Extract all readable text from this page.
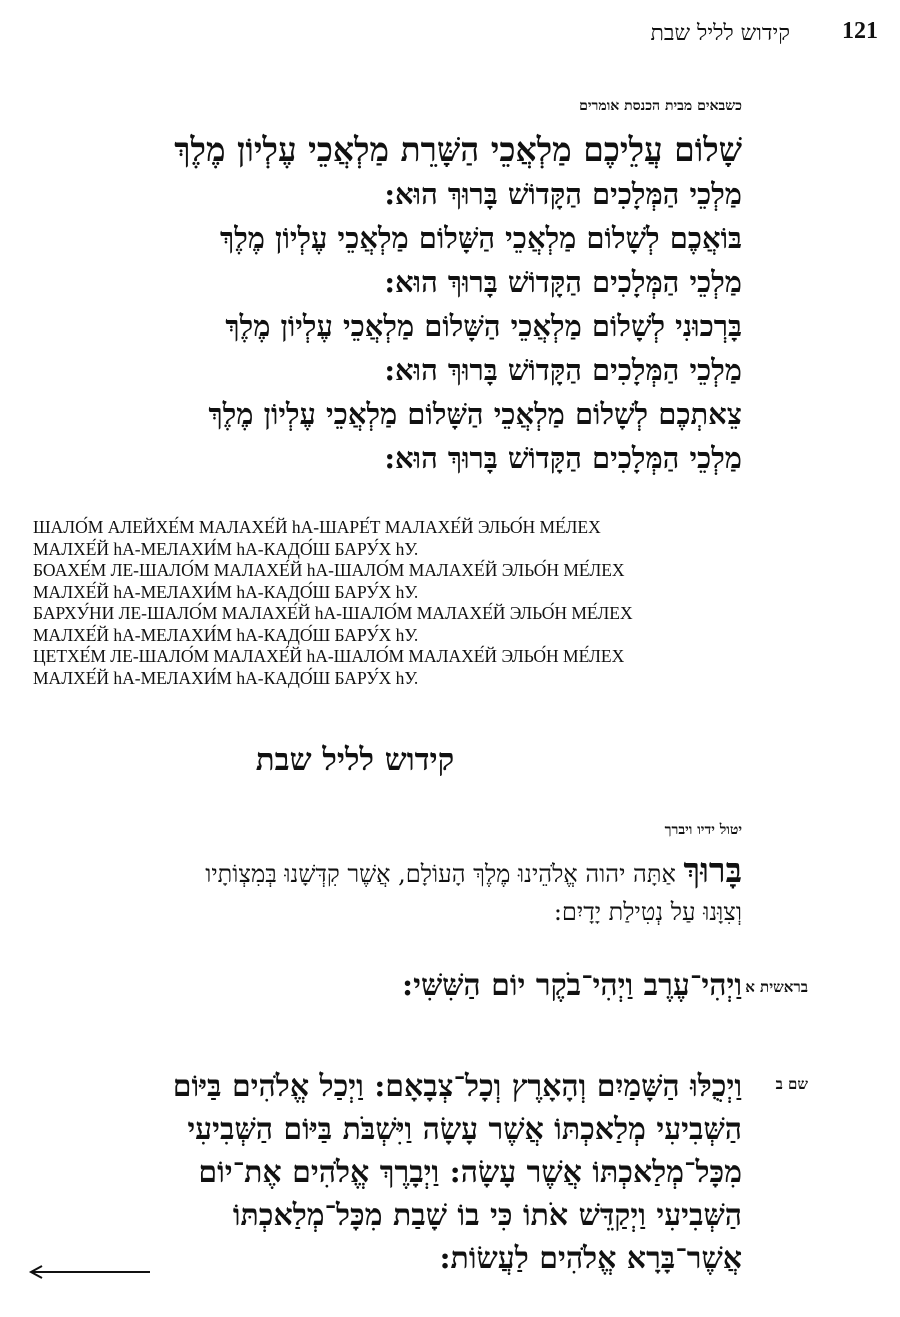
121
קידוש לליל שבת
כשבאים מבית הכנסת אומרים
שָׁלוֹם עֲלֵיכֶם מַלְאֲכֵי הַשָּׁרֵת מַלְאֲכֵי עֶלְיוֹן מֶלֶךְ
מַלְכֵי הַמְּלָכִים הַקָּדוֹשׁ בָּרוּךְ הוּא:
בּוֹאֲכֶם לְשָׁלוֹם מַלְאֲכֵי הַשָּׁלוֹם מַלְאֲכֵי עֶלְיוֹן מֶלֶךְ
מַלְכֵי הַמְּלָכִים הַקָּדוֹשׁ בָּרוּךְ הוּא:
בָּרְכוּנִי לְשָׁלוֹם מַלְאֲכֵי הַשָּׁלוֹם מַלְאֲכֵי עֶלְיוֹן מֶלֶךְ
מַלְכֵי הַמְּלָכִים הַקָּדוֹשׁ בָּרוּךְ הוּא:
צֵאתְכֶם לְשָׁלוֹם מַלְאֲכֵי הַשָּׁלוֹם מַלְאֲכֵי עֶלְיוֹן מֶלֶךְ
מַלְכֵי הַמְּלָכִים הַקָּדוֹשׁ בָּרוּךְ הוּא:
ШАЛО́М АЛЕЙХЕ́М МАЛАХЕ́Й hА-ШАРЕ́Т МАЛАХЕ́Й ЭЛЬО́Н МЕ́ЛЕХ
МАЛХЕ́Й hА-МЕЛАХИ́М hА-КАДО́Ш БАРУ́Х hУ.
БОАХЕ́М ЛЕ-ШАЛО́М МАЛАХЕ́Й hА-ШАЛО́М МАЛАХЕ́Й ЭЛЬО́Н МЕ́ЛЕХ
МАЛХЕ́Й hА-МЕЛАХИ́М hА-КАДО́Ш БАРУ́Х hУ.
БАРХУ́НИ ЛЕ-ШАЛО́М МАЛАХЕ́Й hА-ШАЛО́М МАЛАХЕ́Й ЭЛЬО́Н МЕ́ЛЕХ
МАЛХЕ́Й hА-МЕЛАХИ́М hА-КАДО́Ш БАРУ́Х hУ.
ЦЕТХЕ́М ЛЕ-ШАЛО́М МАЛАХЕ́Й hА-ШАЛО́М МАЛАХЕ́Й ЭЛЬО́Н МЕ́ЛЕХ
МАЛХЕ́Й hА-МЕЛАХИ́М hА-КАДО́Ш БАРУ́Х hУ.
קידוש לליל שבת
יטול ידיו ויברך
בָּרוּךְ אַתָּה יהוה אֱלֹהֵינוּ מֶלֶךְ הָעוֹלָם, אֲשֶׁר קִדְּשָׁנוּ בְּמִצְוֹתָיו
וְצִוָּנוּ עַל נְטִילַת יָדָיִם:
בראשית א
וַיְהִי־עֶרֶב וַיְהִי־בֹקֶר יוֹם הַשִּׁשִּׁי:
שם ב
וַיְכֻלּוּ הַשָּׁמַיִם וְהָאָרֶץ וְכָל־צְבָאָם: וַיְכַל אֱלֹהִים בַּיּוֹם
הַשְּׁבִיעִי מְלַאכְתּוֹ אֲשֶׁר עָשָׂה וַיִּשְׁבֹּת בַּיּוֹם הַשְּׁבִיעִי
מִכָּל־מְלַאכְתּוֹ אֲשֶׁר עָשָׂה: וַיְבָרֶךְ אֱלֹהִים אֶת־יוֹם
הַשְּׁבִיעִי וַיְקַדֵּשׁ אֹתוֹ כִּי בוֹ שָׁבַת מִכָּל־מְלַאכְתּוֹ
אֲשֶׁר־בָּרָא אֱלֹהִים לַעֲשׂוֹת:
